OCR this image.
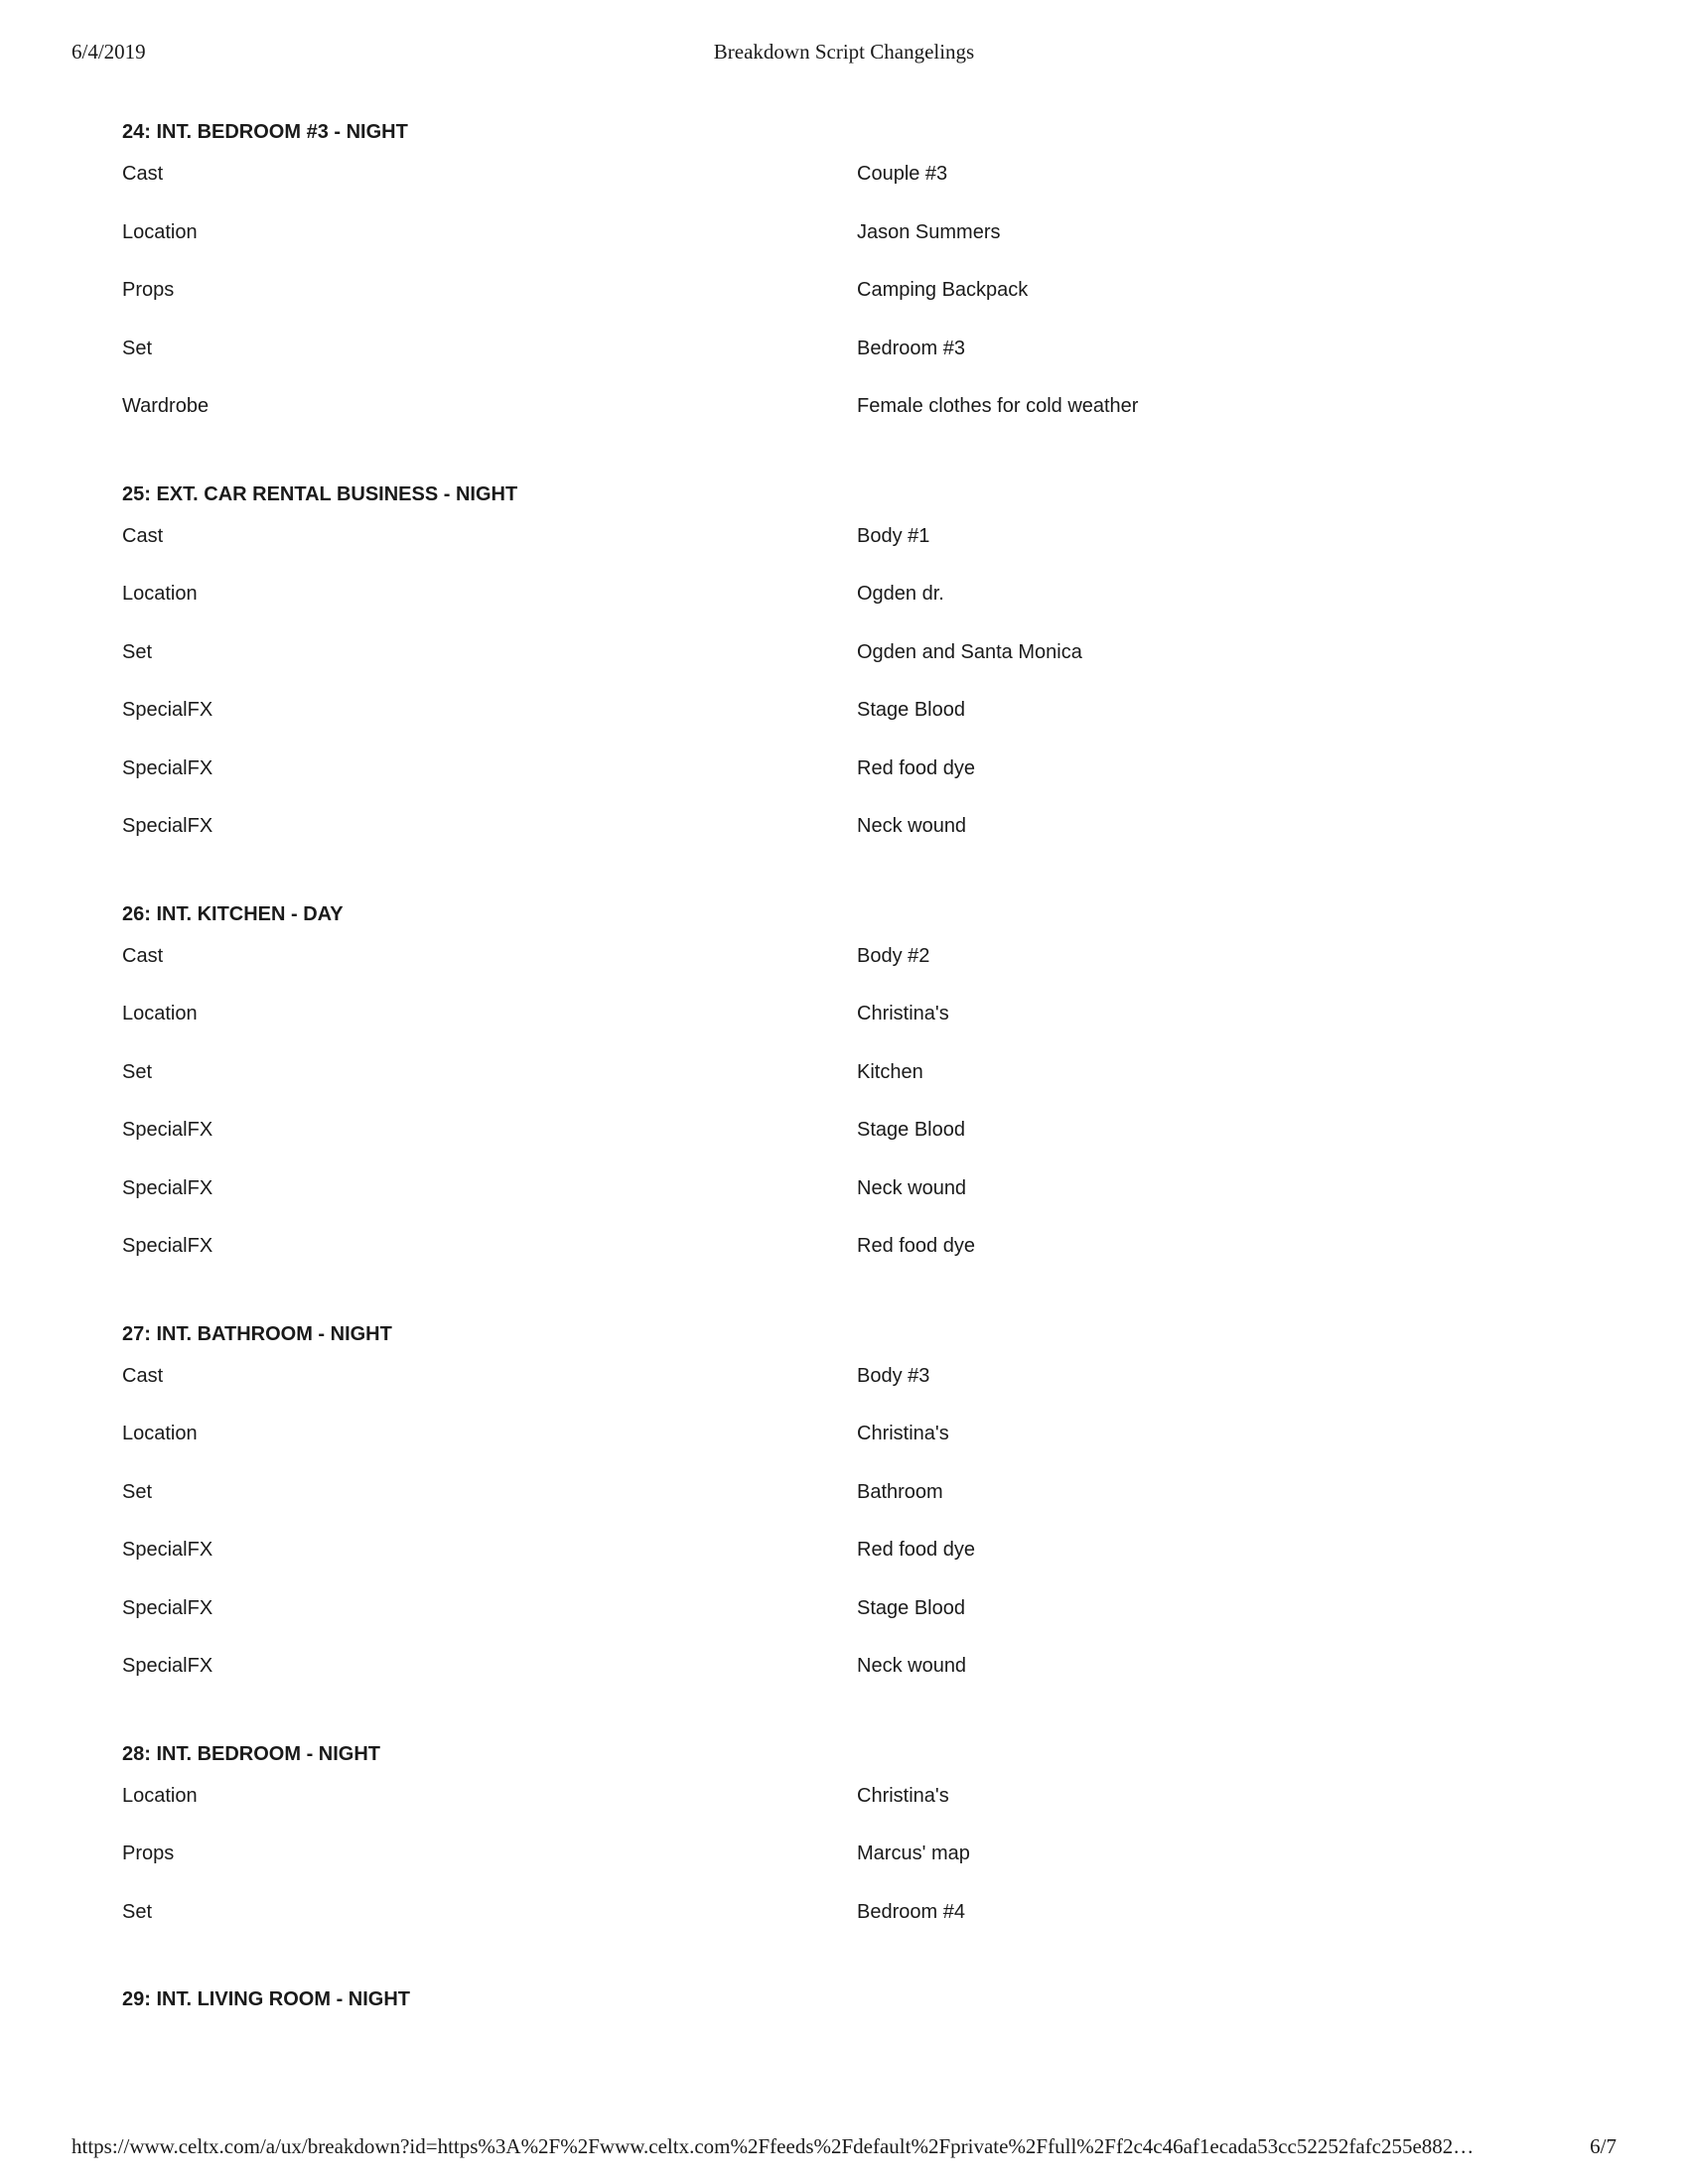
6/4/2019	Breakdown Script Changelings
24: INT. BEDROOM #3 - NIGHT
Cast	Couple #3
Location	Jason Summers
Props	Camping Backpack
Set	Bedroom #3
Wardrobe	Female clothes for cold weather
25: EXT. CAR RENTAL BUSINESS - NIGHT
Cast	Body #1
Location	Ogden dr.
Set	Ogden and Santa Monica
SpecialFX	Stage Blood
SpecialFX	Red food dye
SpecialFX	Neck wound
26: INT. KITCHEN - DAY
Cast	Body #2
Location	Christina's
Set	Kitchen
SpecialFX	Stage Blood
SpecialFX	Neck wound
SpecialFX	Red food dye
27: INT. BATHROOM - NIGHT
Cast	Body #3
Location	Christina's
Set	Bathroom
SpecialFX	Red food dye
SpecialFX	Stage Blood
SpecialFX	Neck wound
28: INT. BEDROOM - NIGHT
Location	Christina's
Props	Marcus' map
Set	Bedroom #4
29: INT. LIVING ROOM - NIGHT
https://www.celtx.com/a/ux/breakdown?id=https%3A%2F%2Fwww.celtx.com%2Ffeeds%2Fdefault%2Fprivate%2Ffull%2Ff2c4c46af1ecada53cc52252fafc255e882…	6/7
